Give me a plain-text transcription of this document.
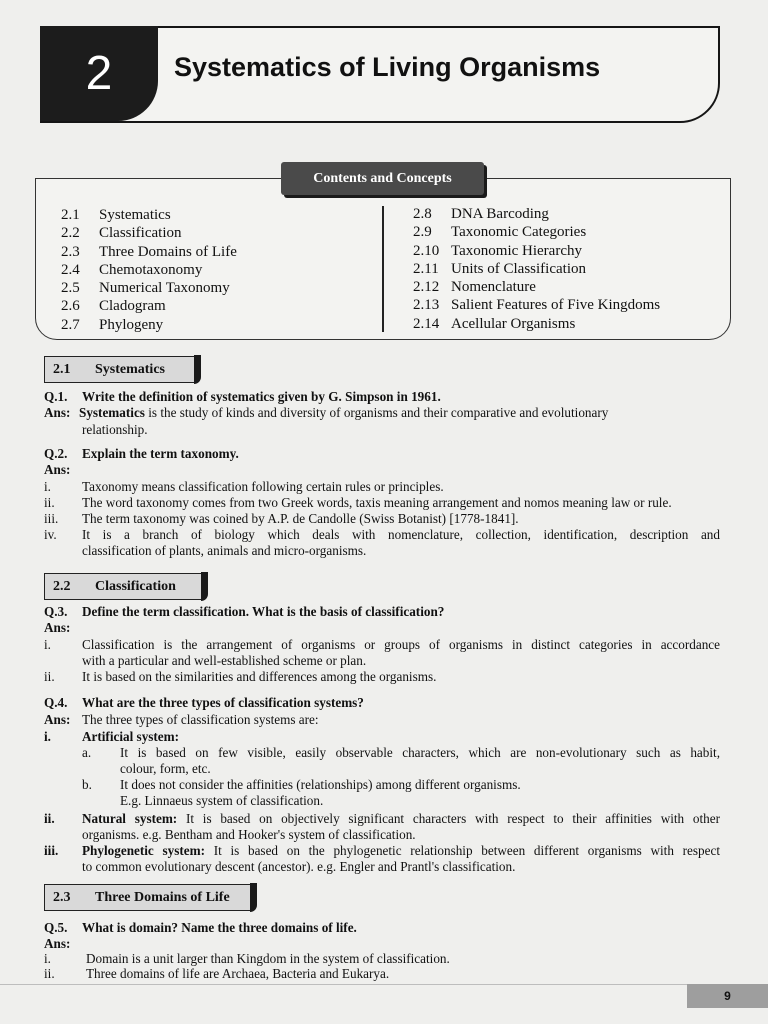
2	Systematics of Living Organisms
Contents and Concepts
2.1	Systematics
2.2	Classification
2.3	Three Domains of Life
2.4	Chemotaxonomy
2.5	Numerical Taxonomy
2.6	Cladogram
2.7	Phylogeny
2.8	DNA Barcoding
2.9	Taxonomic Categories
2.10 Taxonomic Hierarchy
2.11 Units of Classification
2.12 Nomenclature
2.13 Salient Features of Five Kingdoms
2.14 Acellular Organisms
2.1	Systematics
Q.1. Write the definition of systematics given by G. Simpson in 1961.
Ans: Systematics is the study of kinds and diversity of organisms and their comparative and evolutionary
relationship.
Q.2. Explain the term taxonomy.
Ans:
i. Taxonomy means classification following certain rules or principles.
ii. The word taxonomy comes from two Greek words, taxis meaning arrangement and nomos meaning law or rule.
iii. The term taxonomy was coined by A.P. de Candolle (Swiss Botanist) [1778-1841].
iv. It is a branch of biology which deals with nomenclature, collection, identification, description and
classification of plants, animals and micro-organisms.
2.2	Classification
Q.3. Define the term classification. What is the basis of classification?
Ans:
i. Classification is the arrangement of organisms or groups of organisms in distinct categories in accordance
with a particular and well-established scheme or plan.
ii. It is based on the similarities and differences among the organisms.
Q.4. What are the three types of classification systems?
Ans: The three types of classification systems are:
i. Artificial system:
a. It is based on few visible, easily observable characters, which are non-evolutionary such as habit,
colour, form, etc.
b. It does not consider the affinities (relationships) among different organisms.
E.g. Linnaeus system of classification.
ii. Natural system: It is based on objectively significant characters with respect to their affinities with other
organisms. e.g. Bentham and Hooker's system of classification.
iii. Phylogenetic system: It is based on the phylogenetic relationship between different organisms with respect
to common evolutionary descent (ancestor). e.g. Engler and Prantl's classification.
2.3	Three Domains of Life
Q.5. What is domain? Name the three domains of life.
Ans:
i.	Domain is a unit larger than Kingdom in the system of classification.
ii. Three domains of life are Archaea, Bacteria and Eukarya.
9
